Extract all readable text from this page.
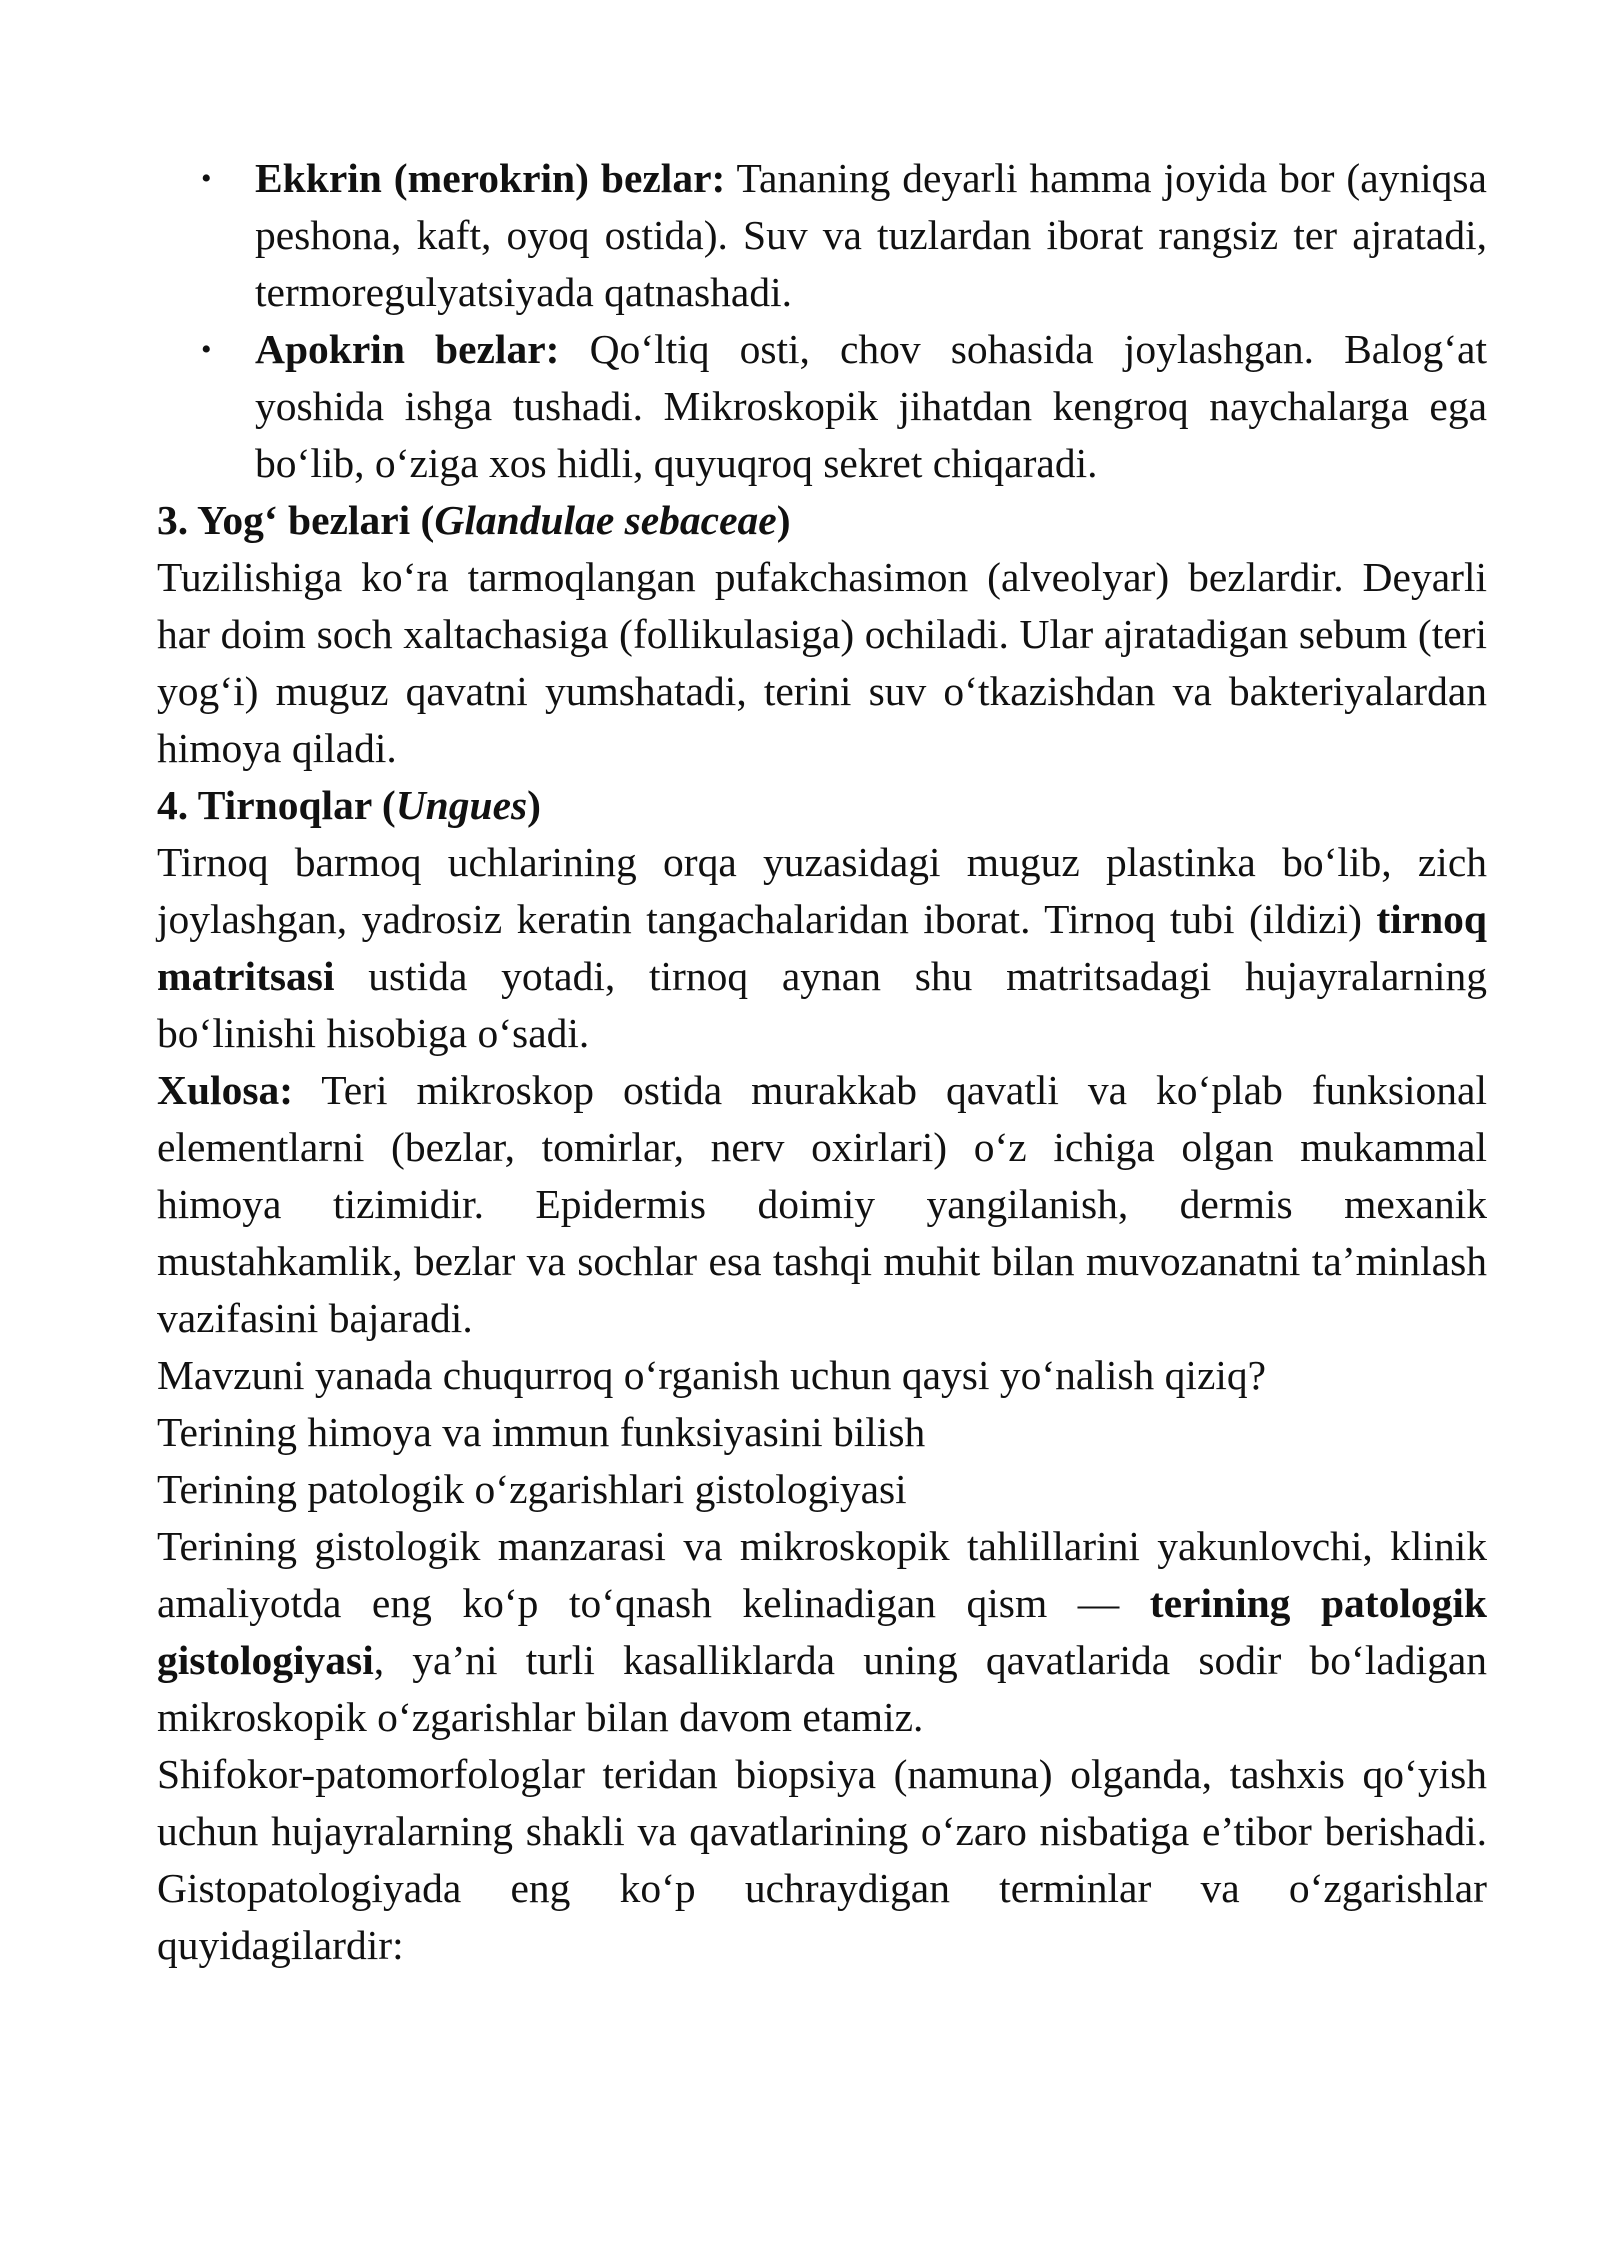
• Ekkrin (merokrin) bezlar: Tananing deyarli hamma joyida bor (ayniqsa peshona, kaft, oyoq ostida). Suv va tuzlardan iborat rangsiz ter ajratadi, termoregulyatsiyada qatnashadi.
• Apokrin bezlar: Qo‘ltiq osti, chov sohasida joylashgan. Balog‘at yoshida ishga tushadi. Mikroskopik jihatdan kengroq naychalarga ega bo‘lib, o‘ziga xos hidli, quyuqroq sekret chiqaradi.

3. Yog‘ bezlari (Glandulae sebaceae)

Tuzilishiga ko‘ra tarmoqlangan pufakchasimon (alveolyar) bezlardir. Deyarli har doim soch xaltachasiga (follikulasiga) ochiladi. Ular ajratadigan sebum (teri yog‘i) muguz qavatni yumshatadi, terini suv o‘tkazishdan va bakteriyalardan himoya qiladi.

4. Tirnoqlar (Ungues)

Tirnoq barmoq uchlarining orqa yuzasidagi muguz plastinka bo‘lib, zich joylashgan, yadrosiz keratin tangachalaridan iborat. Tirnoq tubi (ildizi) tirnoq matritsasi ustida yotadi, tirnoq aynan shu matritsadagi hujayralarning bo‘linishi hisobiga o‘sadi.

Xulosa: Teri mikroskop ostida murakkab qavatli va ko‘plab funksional elementlarni (bezlar, tomirlar, nerv oxirlari) o‘z ichiga olgan mukammal himoya tizimidir. Epidermis doimiy yangilanish, dermis mexanik mustahkamlik, bezlar va sochlar esa tashqi muhit bilan muvozanatni ta’minlash vazifasini bajaradi.

Mavzuni yanada chuqurroq o‘rganish uchun qaysi yo‘nalish qiziq?

Terining himoya va immun funksiyasini bilish

Terining patologik o‘zgarishlari gistologiyasi

Terining gistologik manzarasi va mikroskopik tahlillarini yakunlovchi, klinik amaliyotda eng ko‘p to‘qnash kelinadigan qism — terining patologik gistologiyasi, ya’ni turli kasalliklarda uning qavatlarida sodir bo‘ladigan mikroskopik o‘zgarishlar bilan davom etamiz.

Shifokor-patomorfologlar teridan biopsiya (namuna) olganda, tashxis qo‘yish uchun hujayralarning shakli va qavatlarining o‘zaro nisbatiga e’tibor berishadi. Gistopatologiyada eng ko‘p uchraydigan terminlar va o‘zgarishlar quyidagilardir:
